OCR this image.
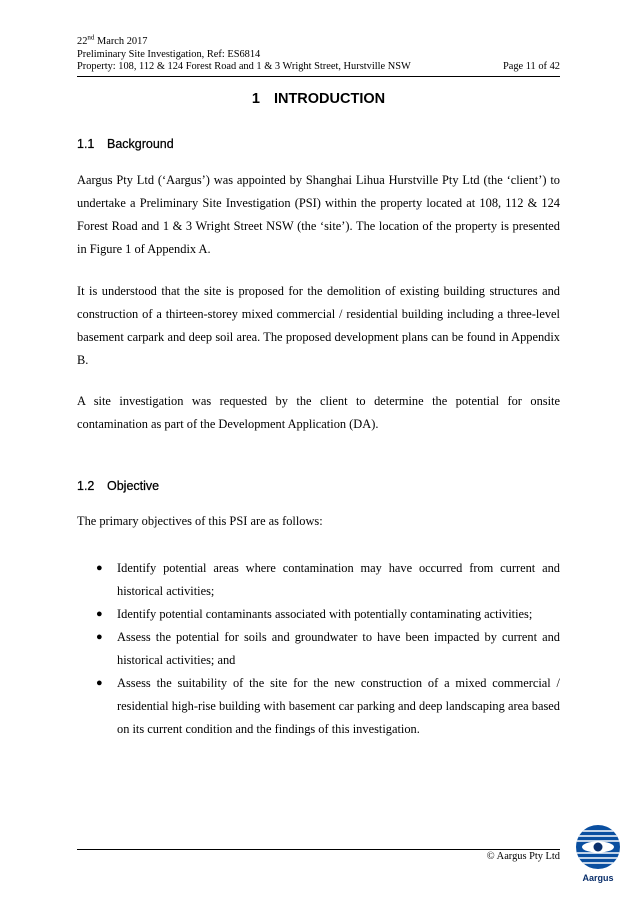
22nd March 2017
Preliminary Site Investigation, Ref: ES6814
Property: 108, 112 & 124 Forest Road and 1 & 3 Wright Street, Hurstville NSW	Page 11 of 42
1 INTRODUCTION
1.1 Background

Aargus Pty Ltd (‘Aargus’) was appointed by Shanghai Lihua Hurstville Pty Ltd (the ‘client’) to undertake a Preliminary Site Investigation (PSI) within the property located at 108, 112 & 124 Forest Road and 1 & 3 Wright Street NSW (the ‘site’). The location of the property is presented in Figure 1 of Appendix A.

It is understood that the site is proposed for the demolition of existing building structures and construction of a thirteen-storey mixed commercial / residential building including a three-level basement carpark and deep soil area. The proposed development plans can be found in Appendix B.

A site investigation was requested by the client to determine the potential for onsite contamination as part of the Development Application (DA).

1.2 Objective

The primary objectives of this PSI are as follows:

● Identify potential areas where contamination may have occurred from current and historical activities;
● Identify potential contaminants associated with potentially contaminating activities;
● Assess the potential for soils and groundwater to have been impacted by current and historical activities; and
● Assess the suitability of the site for the new construction of a mixed commercial / residential high-rise building with basement car parking and deep landscaping area based on its current condition and the findings of this investigation.
© Aargus Pty Ltd
Aargus
